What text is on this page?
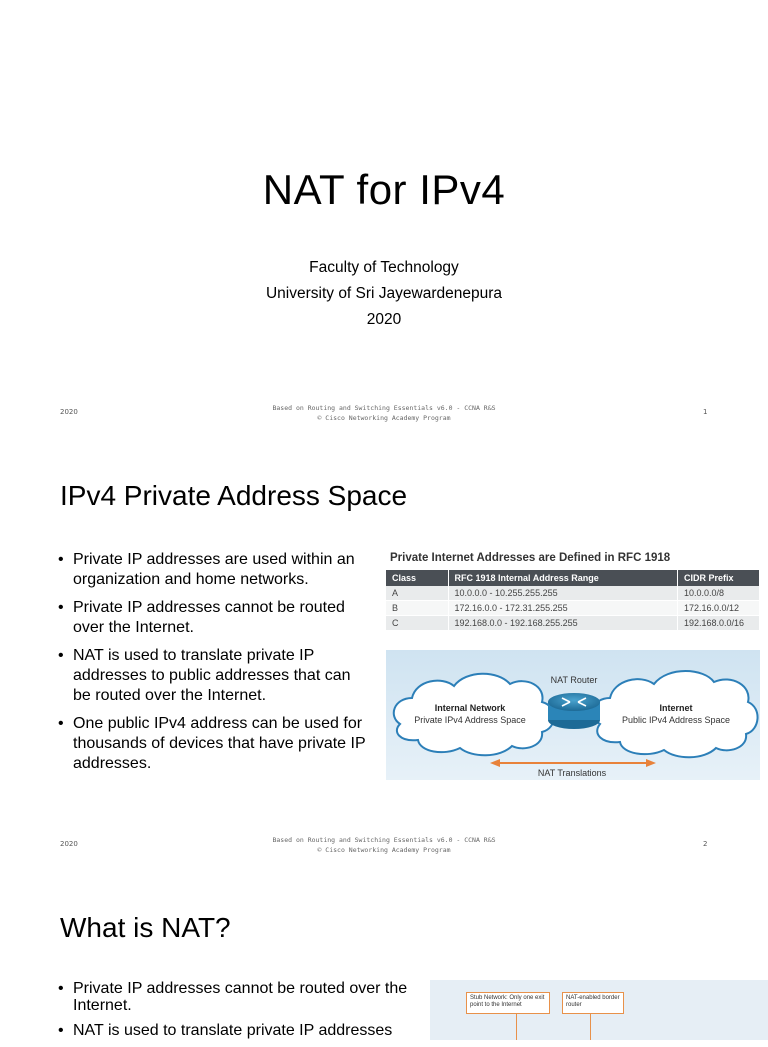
NAT for IPv4
Faculty of Technology
University of Sri Jayewardenepura
2020
2020	Based on Routing and Switching Essentials v6.0 - CCNA R&S
© Cisco Networking Academy Program
1
IPv4 Private Address Space
• Private IP addresses are used within an organization and home networks.
• Private IP addresses cannot be routed over the Internet.
• NAT is used to translate private IP addresses to public addresses that can be routed over the Internet.
• One public IPv4 address can be used for thousands of devices that have private IP addresses.
Private Internet Addresses are Defined in RFC 1918
Class	RFC 1918 Internal Address Range	CIDR Prefix
A	10.0.0.0 - 10.255.255.255	10.0.0.0/8
B	172.16.0.0 - 172.31.255.255	172.16.0.0/12
C	192.168.0.0 - 192.168.255.255	192.168.0.0/16
Internal Network
Private IPv4 Address Space
Internet
Public IPv4 Address Space
NAT Router
NAT Translations
2020	Based on Routing and Switching Essentials v6.0 - CCNA R&S
© Cisco Networking Academy Program
2
What is NAT?
• Private IP addresses cannot be routed over the Internet.
• NAT is used to translate private IP addresses
Stub Network: Only one exit point to the Internet
NAT-enabled border router
